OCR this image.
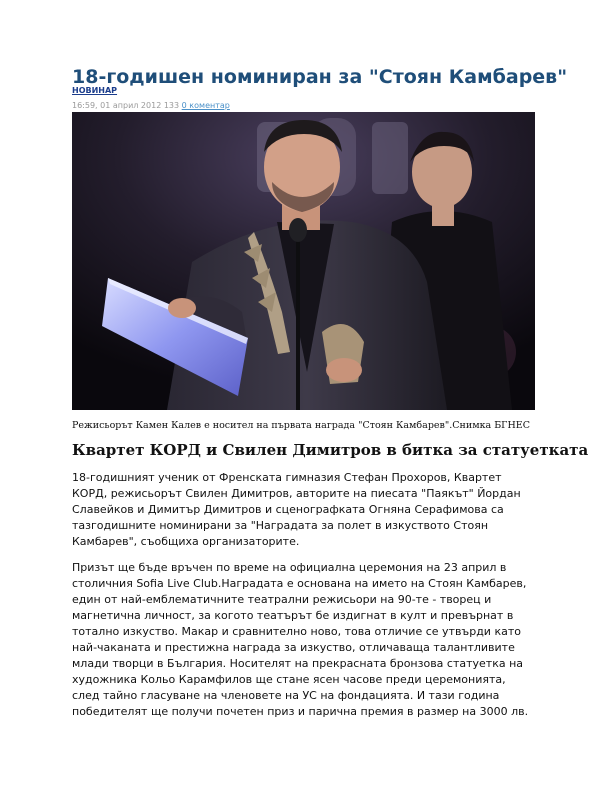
18-годишен номиниран за "Стоян Камбарев"
НОВИНАР
16:59, 01 април 2012 133 0 коментар
Режисьорът Камен Калев е носител на първата награда "Стоян Камбарев".Снимка БГНЕС
Квартет КОРД и Свилен Димитров в битка за статуетката

18-годишният ученик от Френската гимназия Стефан Прохоров, Квартет КОРД, режисьорът Свилен Димитров, авторите на пиесата "Паякът" Йордан Славейков и Димитър Димитров и сценографката Огняна Серафимова са тазгодишните номинирани за "Наградата за полет в изкуството Стоян Камбарев", съобщиха организаторите.

Призът ще бъде връчен по време на официална церемония на 23 април в столичния Sofia Live Club.Наградата е основана на името на Стоян Камбарев, един от най-емблематичните театрални режисьори на 90-те - творец и магнетична личност, за когото театърът бе издигнат в култ и превърнат в тотално изкуство. Макар и сравнително ново, това отличие се утвърди като най-чаканата и престижна награда за изкуство, отличаваща талантливите млади творци в България. Носителят на прекрасната бронзова статуетка на художника Кольо Карамфилов ще стане ясен часове преди церемонията, след тайно гласуване на членовете на УС на фондацията. И тази година победителят ще получи почетен приз и парична премия в размер на 3000 лв.
